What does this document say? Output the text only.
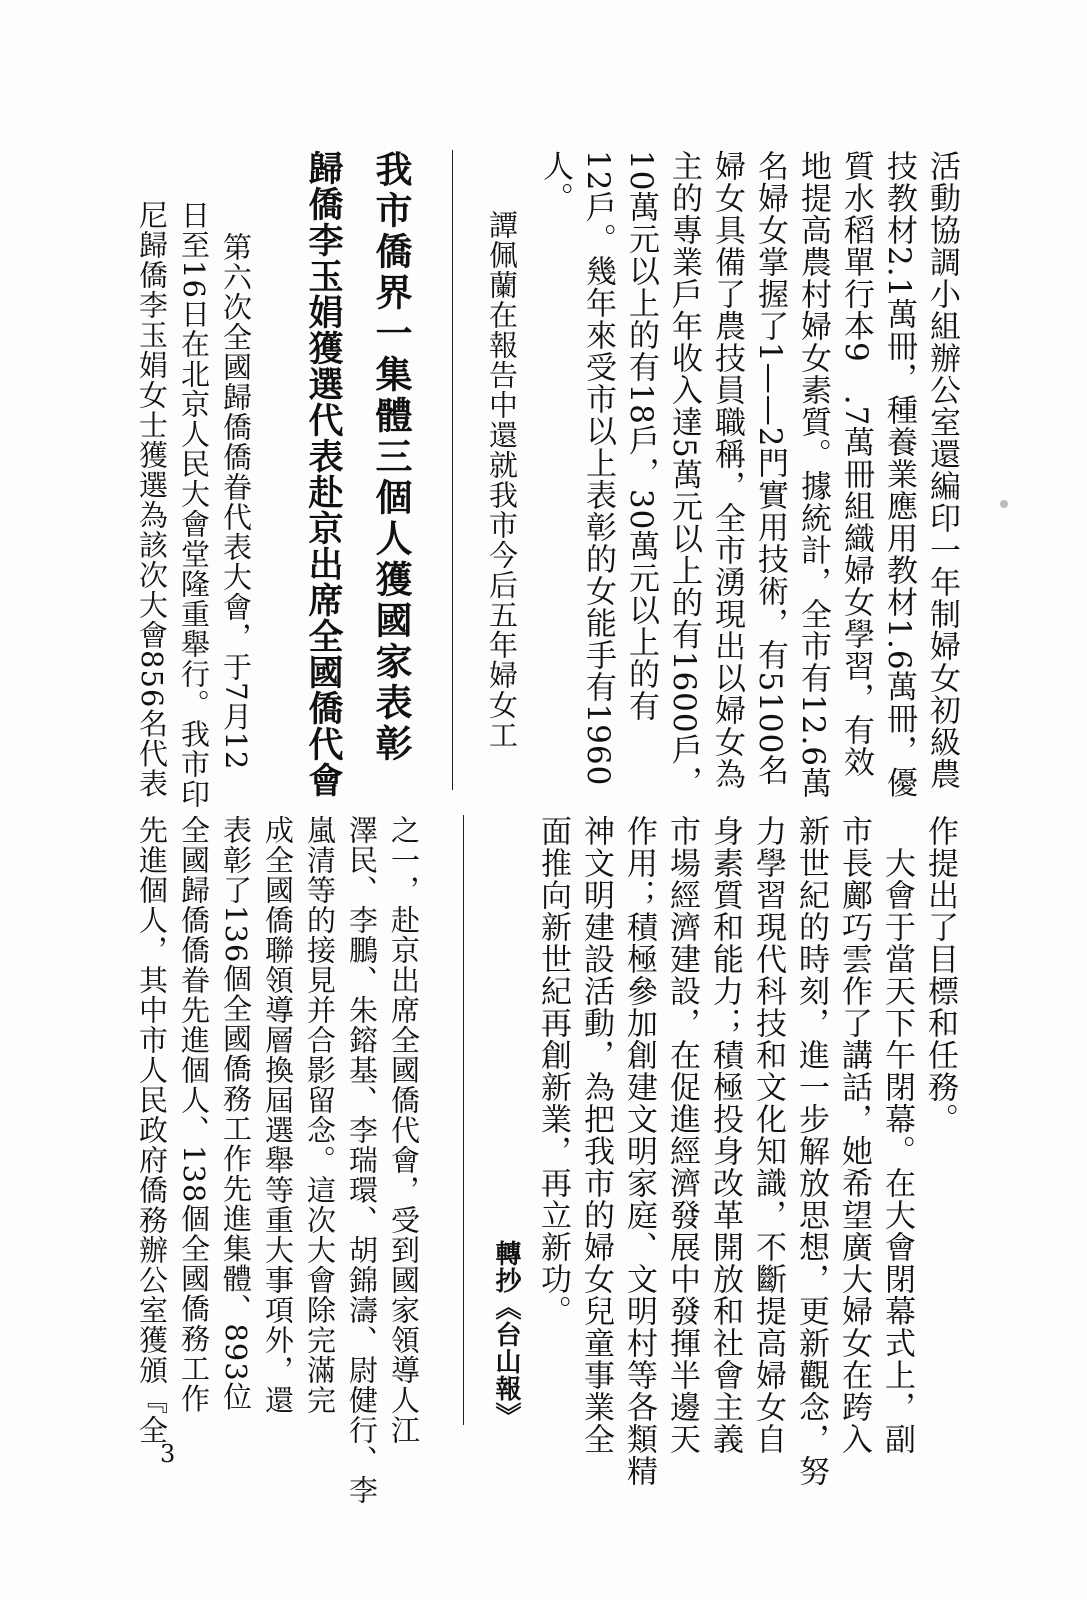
活動協調小組辦公室還編印一年制婦女初級農
技教材2.1萬冊，種養業應用教材1.6萬冊，優
質水稻單行本9　.7萬冊組織婦女學習，有效
地提高農村婦女素質。據統計，全市有12.6萬
名婦女掌握了1——2門實用技術，有5100名
婦女具備了農技員職稱，全市湧現出以婦女為
主的專業戶年收入達5萬元以上的有1600戶，
10萬元以上的有18戶，30萬元以上的有
12戶。幾年來受市以上表彰的女能手有1960
人。
譚佩蘭在報告中還就我市今后五年婦女工
我市僑界一集體三個人獲國家表彰
歸僑李玉娟獲選代表赴京出席全國僑代會
第六次全國歸僑僑眷代表大會，于7月12
日至16日在北京人民大會堂隆重舉行。我市印
尼歸僑李玉娟女士獲選為該次大會856名代表
作提出了目標和任務。
大會于當天下午閉幕。在大會閉幕式上，副
市長鄺巧雲作了講話，她希望廣大婦女在跨入
新世紀的時刻，進一步解放思想，更新觀念，努
力學習現代科技和文化知識，不斷提高婦女自
身素質和能力；積極投身改革開放和社會主義
市場經濟建設，在促進經濟發展中發揮半邊天
作用；積極參加創建文明家庭、文明村等各類精
神文明建設活動，為把我市的婦女兒童事業全
面推向新世紀再創新業，再立新功。
轉抄《台山報》
之一，赴京出席全國僑代會，受到國家領導人江
澤民、李鵬、朱鎔基、李瑞環、胡錦濤、尉健行、李
嵐清等的接見并合影留念。這次大會除完滿完
成全國僑聯領導層換屆選舉等重大事項外，還
表彰了136個全國僑務工作先進集體、893位
全國歸僑僑眷先進個人、138個全國僑務工作
先進個人，其中市人民政府僑務辦公室獲頒『全
3
